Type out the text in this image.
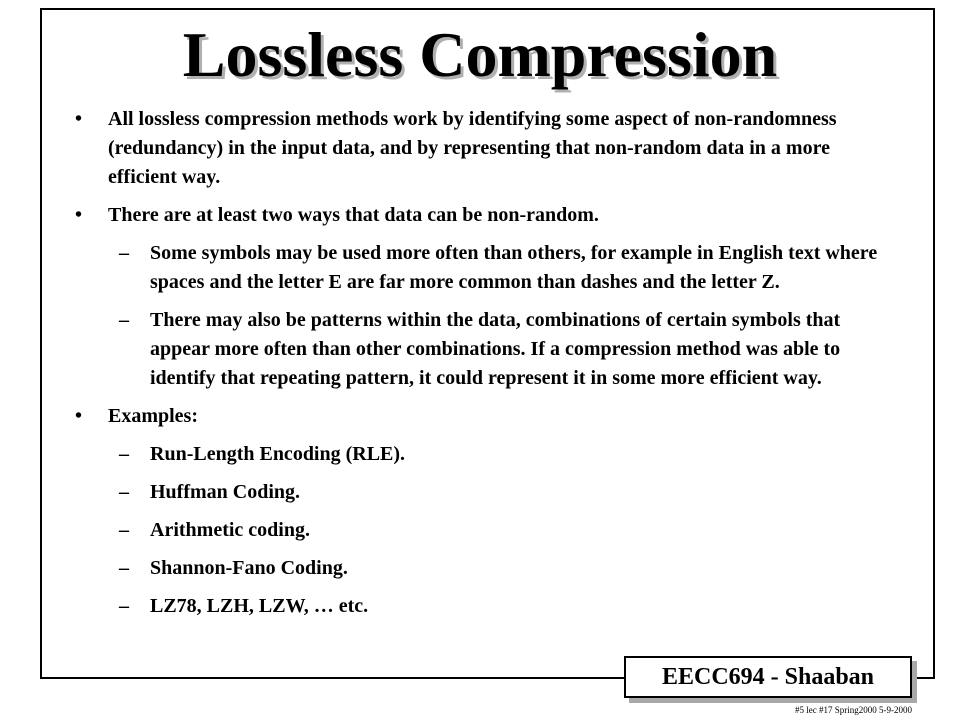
Lossless Compression
• All lossless compression methods work by identifying some aspect of non-randomness (redundancy) in the input data, and by representing that non-random data in a more efficient way.
• There are at least two ways that data can be non-random.
– Some symbols may be used more often than others, for example in English text where spaces and the letter E are far more common than dashes and the letter Z.
– There may also be patterns within the data, combinations of certain symbols that appear more often than other combinations. If a compression method was able to identify that repeating pattern, it could represent it in some more efficient way.
• Examples:
– Run-Length Encoding (RLE).
– Huffman Coding.
– Arithmetic coding.
– Shannon-Fano Coding.
– LZ78, LZH, LZW, … etc.
EECC694 - Shaaban
#5 lec #17 Spring2000 5-9-2000
